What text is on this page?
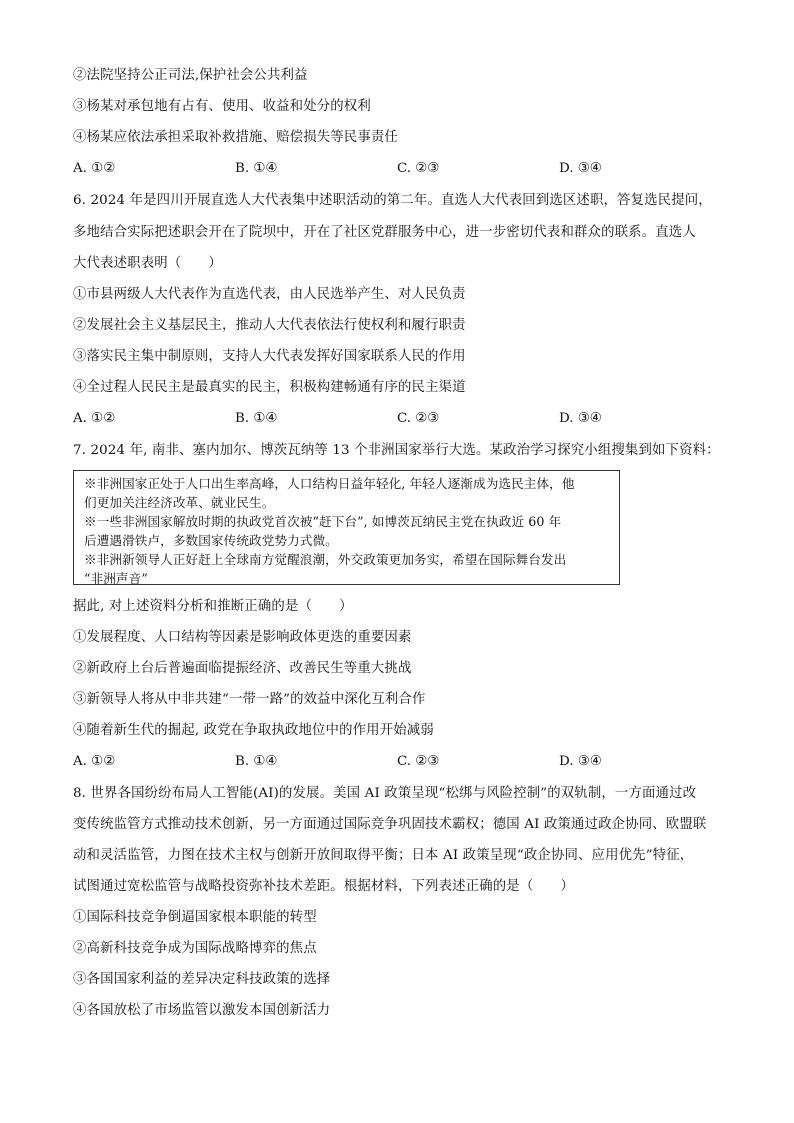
②法院坚持公正司法,保护社会公共利益
③杨某对承包地有占有、使用、收益和处分的权利
④杨某应依法承担采取补救措施、赔偿损失等民事责任
A. ①②	B. ①④	C. ②③	D. ③④
6. 2024 年是四川开展直选人大代表集中述职活动的第二年。直选人大代表回到选区述职，答复选民提问，
多地结合实际把述职会开在了院坝中，开在了社区党群服务中心，进一步密切代表和群众的联系。直选人
大代表述职表明（　　）
①市县两级人大代表作为直选代表，由人民选举产生、对人民负责
②发展社会主义基层民主，推动人大代表依法行使权利和履行职责
③落实民主集中制原则，支持人大代表发挥好国家联系人民的作用
④全过程人民民主是最真实的民主，积极构建畅通有序的民主渠道
A. ①②	B. ①④	C. ②③	D. ③④
7. 2024 年, 南非、塞内加尔、博茨瓦纳等 13 个非洲国家举行大选。某政治学习探究小组搜集到如下资料：
※非洲国家正处于人口出生率高峰，人口结构日益年轻化, 年轻人逐渐成为选民主体，他
们更加关注经济改革、就业民生。
※一些非洲国家解放时期的执政党首次被“赶下台”, 如博茨瓦纳民主党在执政近 60 年
后遭遇滑铁卢，多数国家传统政党势力式微。
※非洲新领导人正好赶上全球南方觉醒浪潮，外交政策更加务实，希望在国际舞台发出
“非洲声音”
据此, 对上述资料分析和推断正确的是（　　）
①发展程度、人口结构等因素是影响政体更迭的重要因素
②新政府上台后普遍面临提振经济、改善民生等重大挑战
③新领导人将从中非共建“一带一路”的效益中深化互利合作
④随着新生代的掘起, 政党在争取执政地位中的作用开始减弱
A. ①②	B. ①④	C. ②③	D. ③④
8. 世界各国纷纷布局人工智能(AI)的发展。美国 AI 政策呈现“松绑与风险控制”的双轨制，一方面通过改
变传统监管方式推动技术创新，另一方面通过国际竞争巩固技术霸权；德国 AI 政策通过政企协同、欧盟联
动和灵活监管，力图在技术主权与创新开放间取得平衡；日本 AI 政策呈现“政企协同、应用优先”特征，
试图通过宽松监管与战略投资弥补技术差距。根据材料，下列表述正确的是（　　）
①国际科技竞争倒逼国家根本职能的转型
②高新科技竞争成为国际战略博弈的焦点
③各国国家利益的差异决定科技政策的选择
④各国放松了市场监管以激发本国创新活力
